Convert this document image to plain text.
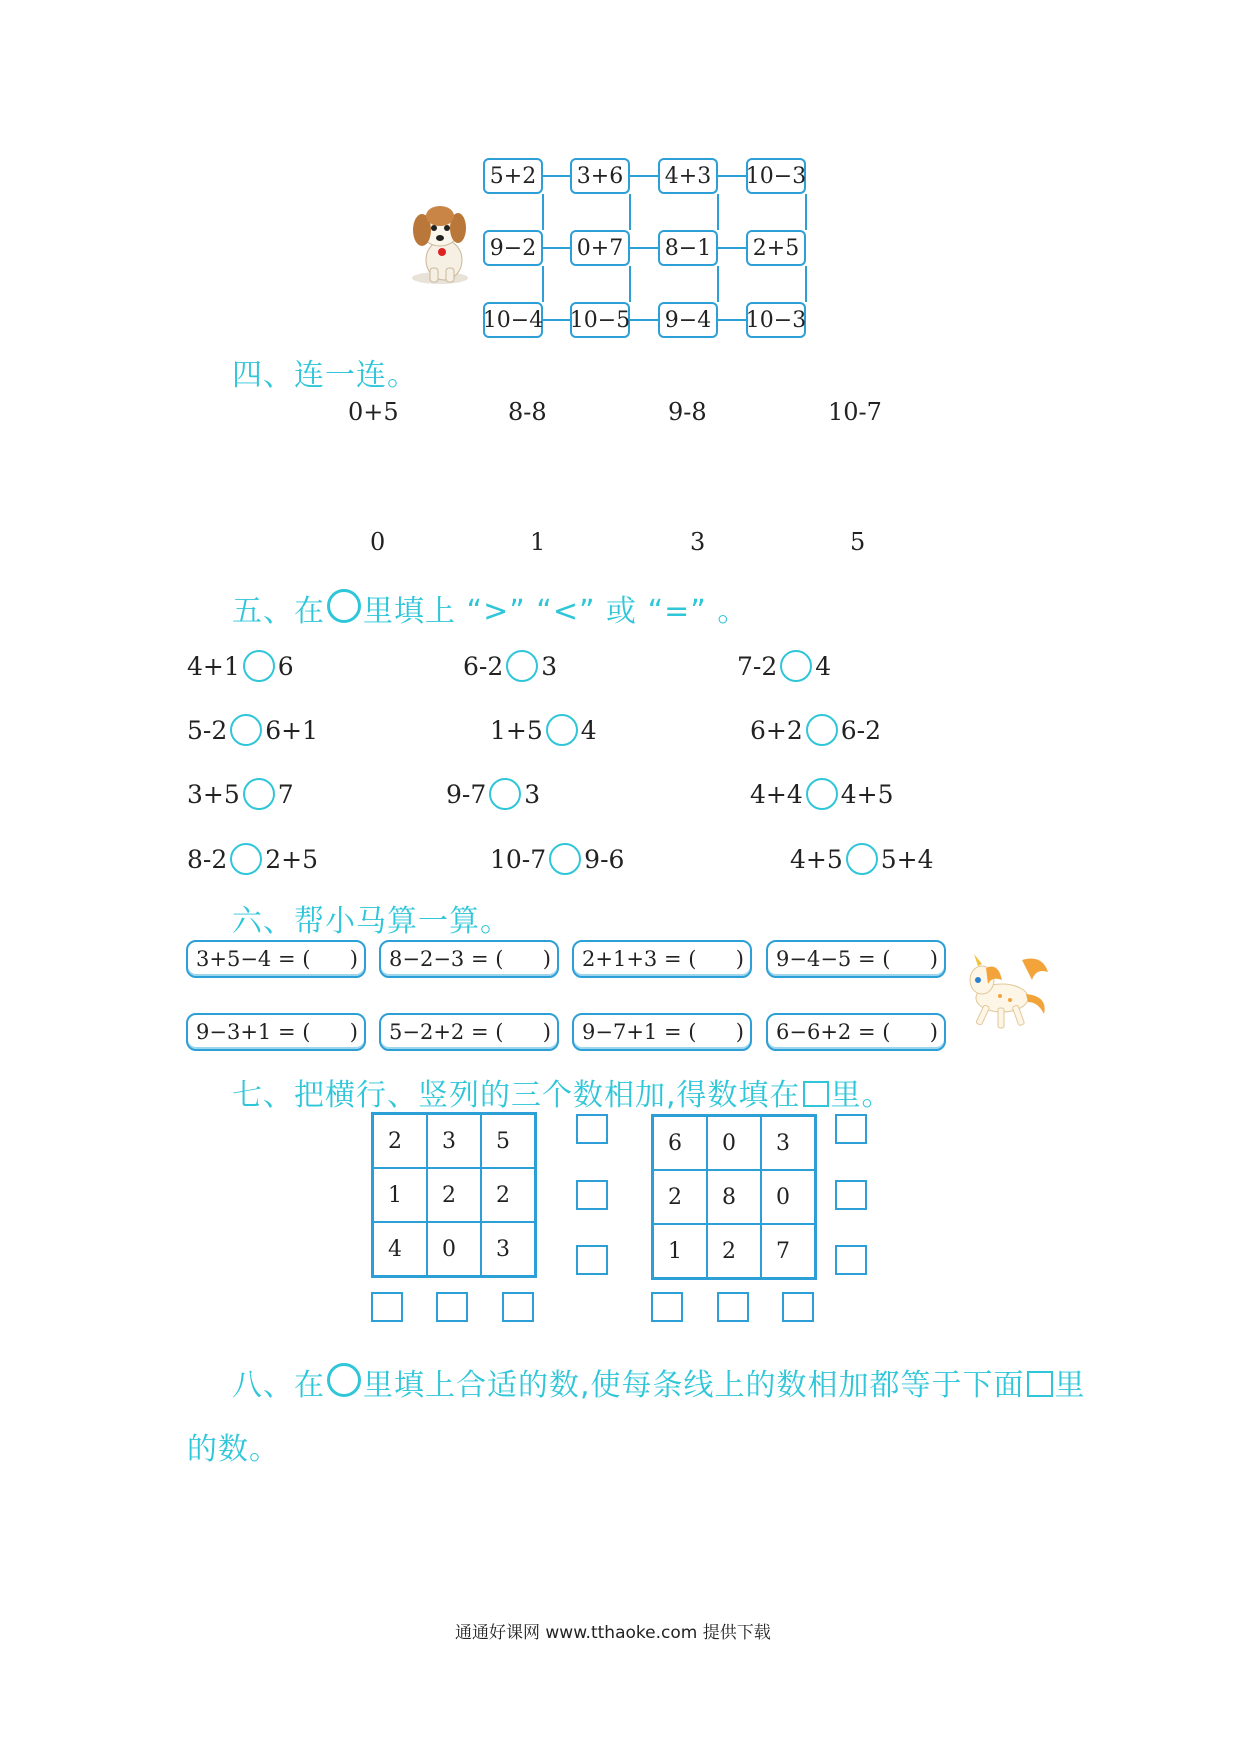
5+2	3+6	4+3	10−3
9−2	0+7	8−1	2+5
10−4 10−5	9−4	10−3
四、连一连。
0+5	8-8	9-8	10-7
0	1	3	5
五、在 里填上 “>” “<” 或 “=” 。
4+1 6	6-2 3	7-2 4
5-2 6+1	1+5 4	6+2 6-2
3+5 7	9-7 3	4+4 4+5
8-2 2+5	10-7 9-6	4+5 5+4
六、帮小马算一算。
3+5−4 = ( ) 8−2−3 = ( ) 2+1+3 = ( ) 9−4−5 = ( )
9−3+1 = ( ) 5−2+2 = ( ) 9−7+1 = ( ) 6−6+2 = ( )
七、把横行、竖列的三个数相加,得数填在 里。
2	3	5
1	2	2
4	0	3
6	0	3
2	8	0
1	2	7
八、在 里填上合适的数,使每条线上的数相加都等于下面 里
的数。
通通好课网 www.tthaoke.com 提供下载
